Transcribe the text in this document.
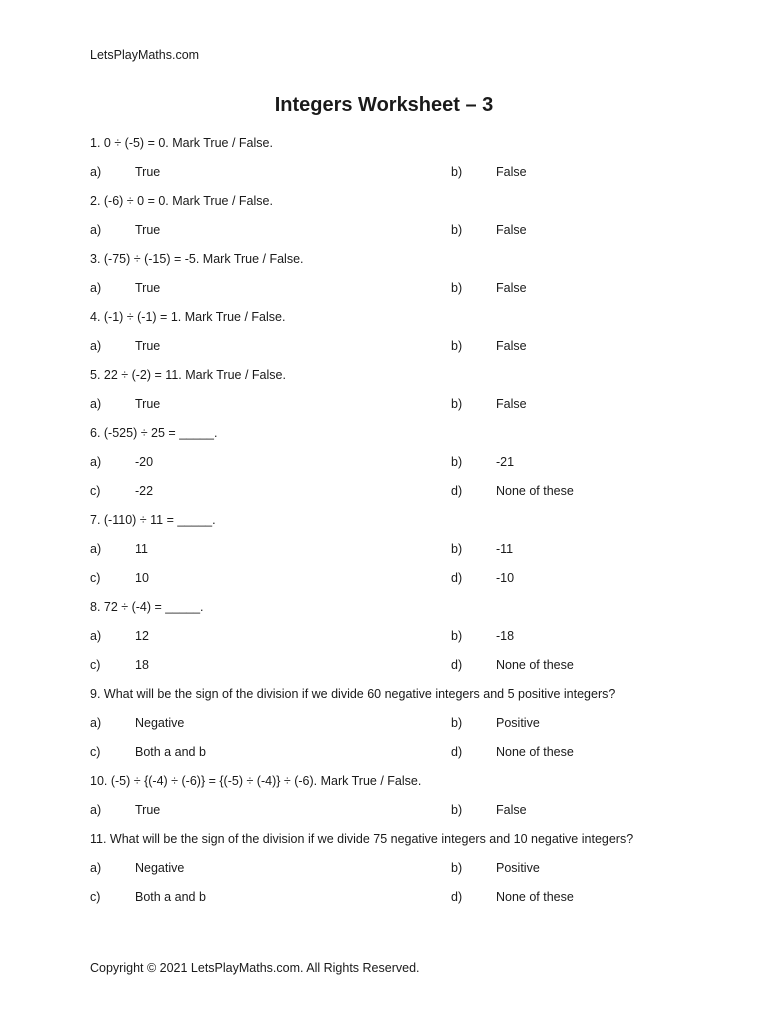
LetsPlayMaths.com
Integers Worksheet – 3
1. 0 ÷ (-5) = 0. Mark True / False.
a)	True	b)	False
2. (-6) ÷ 0 = 0. Mark True / False.
a)	True	b)	False
3. (-75) ÷ (-15) = -5. Mark True / False.
a)	True	b)	False
4. (-1) ÷ (-1) = 1. Mark True / False.
a)	True	b)	False
5. 22 ÷ (-2) = 11. Mark True / False.
a)	True	b)	False
6. (-525) ÷ 25 = _____.
a)	-20	b)	-21
c)	-22	d)	None of these
7. (-110) ÷ 11 = _____.
a)	11	b)	-11
c)	10	d)	-10
8. 72 ÷ (-4) = _____.
a)	12	b)	-18
c)	18	d)	None of these
9. What will be the sign of the division if we divide 60 negative integers and 5 positive integers?
a)	Negative	b)	Positive
c)	Both a and b	d)	None of these
10. (-5) ÷ {(-4) ÷ (-6)} = {(-5) ÷ (-4)} ÷ (-6). Mark True / False.
a)	True	b)	False
11. What will be the sign of the division if we divide 75 negative integers and 10 negative integers?
a)	Negative	b)	Positive
c)	Both a and b	d)	None of these
Copyright © 2021 LetsPlayMaths.com. All Rights Reserved.
